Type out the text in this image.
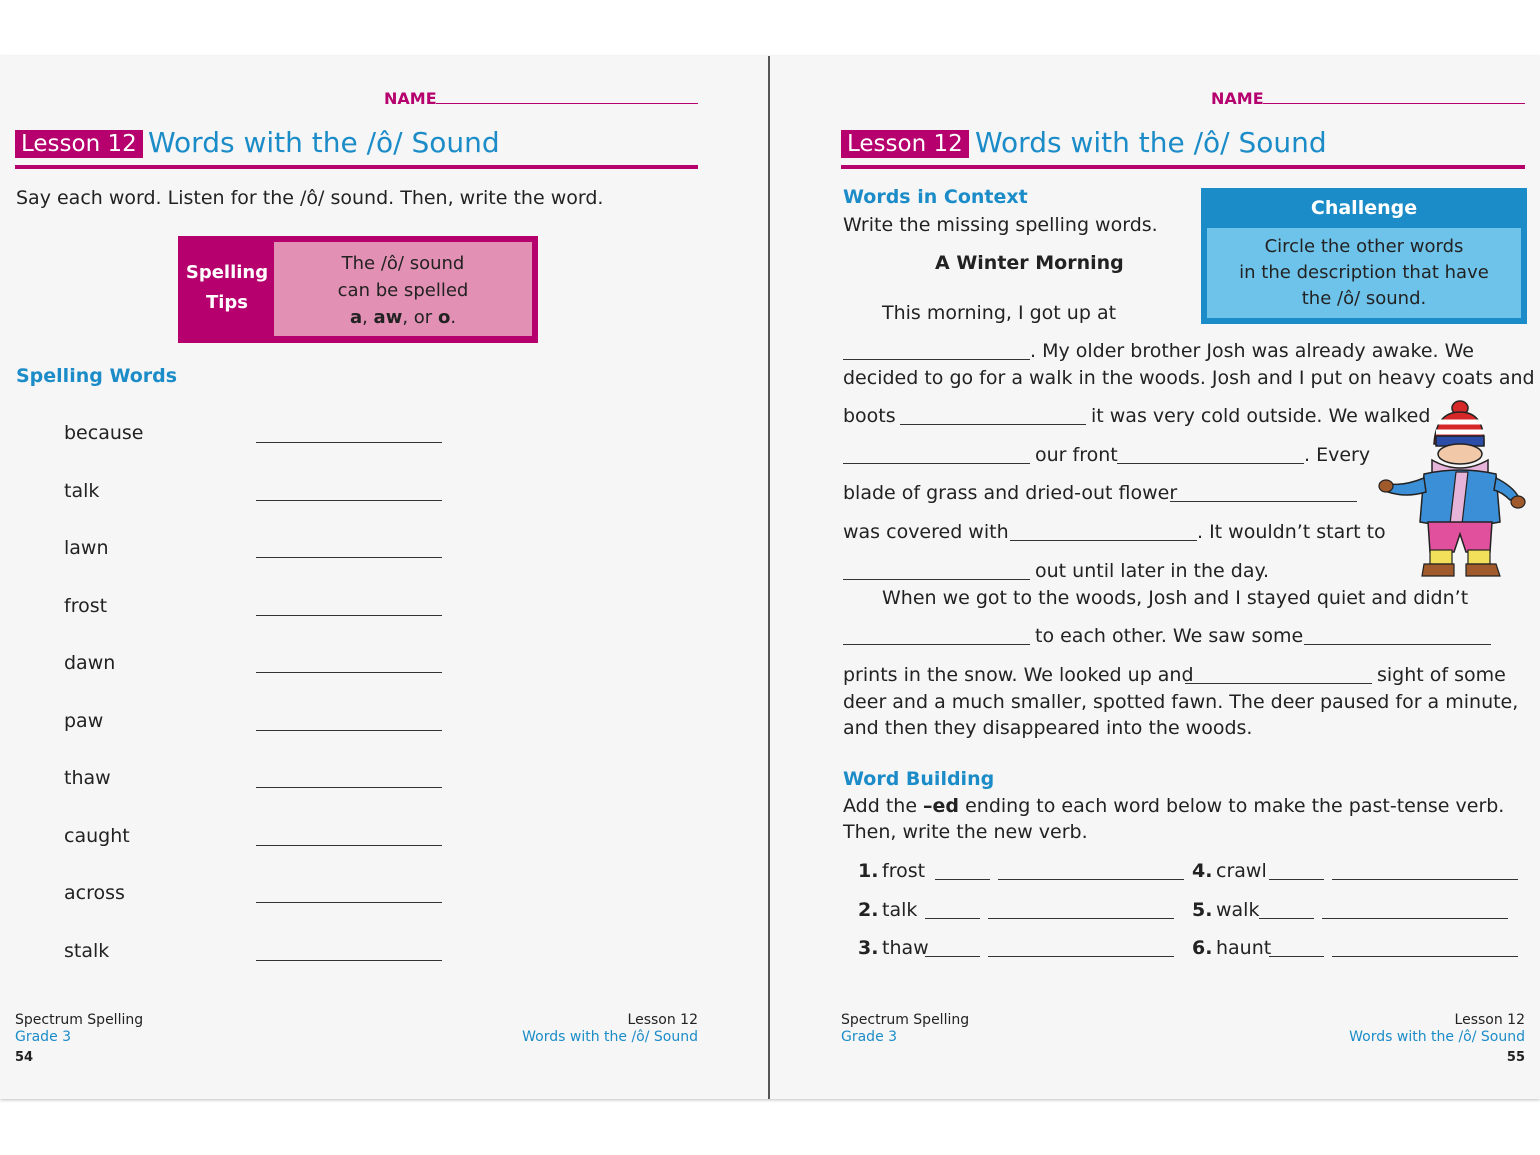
NAME
Lesson 12 Words with the /ô/ Sound
Say each word. Listen for the /ô/ sound. Then, write the word.
Spelling
Tips
The /ô/ sound
can be spelled
a, aw, or o.
Spelling Words
because
talk
lawn
frost
dawn
paw
thaw
caught
across
stalk
Spectrum Spelling
Grade 3
54
Lesson 12
Words with the /ô/ Sound
NAME
Lesson 12 Words with the /ô/ Sound
Words in Context
Write the missing spelling words.
A Winter Morning
Challenge
Circle the other words
in the description that have
the /ô/ sound.
This morning, I got up at
. My older brother Josh was already awake. We
decided to go for a walk in the woods. Josh and I put on heavy coats and
boots	it was very cold outside. We walked
our front	. Every
blade of grass and dried-out flower
was covered with	. It wouldn’t start to
out until later in the day.
When we got to the woods, Josh and I stayed quiet and didn’t
to each other. We saw some
prints in the snow. We looked up and	sight of some
deer and a much smaller, spotted fawn. The deer paused for a minute,
and then they disappeared into the woods.
Word Building
Add the –ed ending to each word below to make the past-tense verb.
Then, write the new verb.
1. frost
2. talk
3. thaw
4. crawl
5. walk
6. haunt
Spectrum Spelling
Grade 3
Lesson 12
Words with the /ô/ Sound
55
